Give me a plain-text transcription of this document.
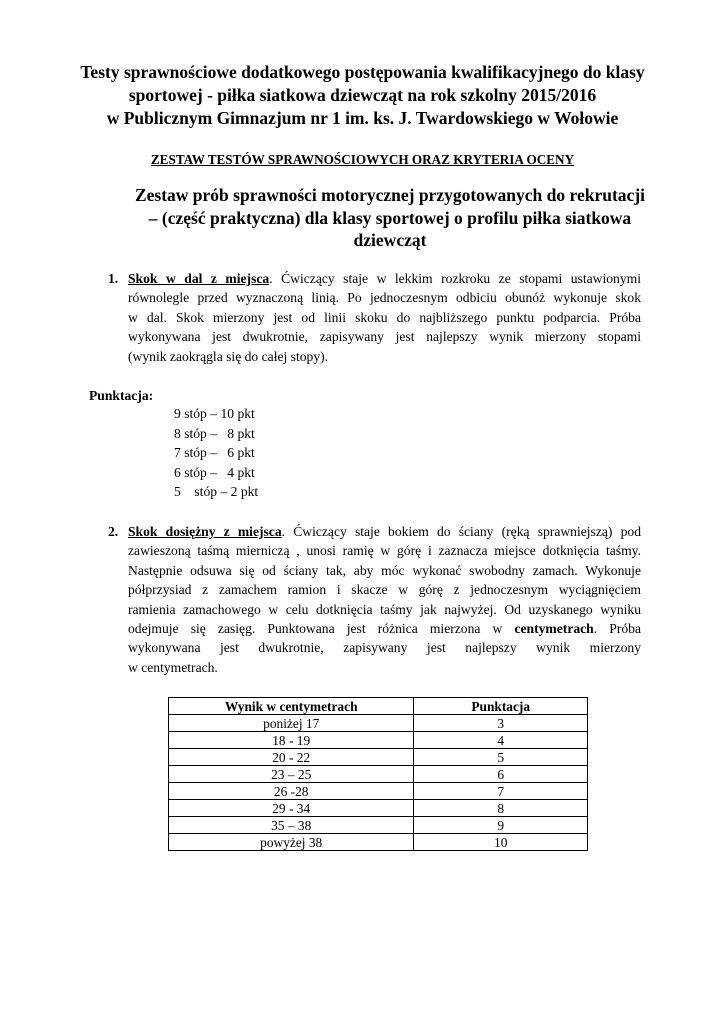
Testy sprawnościowe dodatkowego postępowania kwalifikacyjnego do klasy
sportowej - piłka siatkowa dziewcząt na rok szkolny 2015/2016
w Publicznym Gimnazjum nr 1 im. ks. J. Twardowskiego w Wołowie
ZESTAW TESTÓW SPRAWNOŚCIOWYCH ORAZ KRYTERIA OCENY
Zestaw prób sprawności motorycznej przygotowanych do rekrutacji
– (część praktyczna) dla klasy sportowej o profilu piłka siatkowa
dziewcząt
1. Skok w dal z miejsca. Ćwiczący staje w lekkim rozkroku ze stopami ustawionymi
równolegle przed wyznaczoną linią. Po jednoczesnym odbiciu obunóż wykonuje skok
w dal. Skok mierzony jest od linii skoku do najbliższego punktu podparcia. Próba
wykonywana jest dwukrotnie, zapisywany jest najlepszy wynik mierzony stopami
(wynik zaokrągla się do całej stopy).
Punktacja:
9 stóp – 10 pkt
8 stóp –   8 pkt
7 stóp –   6 pkt
6 stóp –   4 pkt
5    stóp – 2 pkt
2. Skok dosiężny z miejsca. Ćwiczący staje bokiem do ściany (ręką sprawniejszą) pod
zawieszoną taśmą mierniczą , unosi ramię w górę i zaznacza miejsce dotknięcia taśmy.
Następnie odsuwa się od ściany tak, aby móc wykonać swobodny zamach. Wykonuje
półprzysiad z zamachem ramion i skacze w górę z jednoczesnym wyciągnięciem
ramienia zamachowego w celu dotknięcia taśmy jak najwyżej. Od uzyskanego wyniku
odejmuje się zasięg. Punktowana jest różnica mierzona w centymetrach. Próba
wykonywana jest dwukrotnie, zapisywany jest najlepszy wynik mierzony
w centymetrach.
Wynik w centymetrach	Punktacja
poniżej 17	3
18 - 19	4
20 - 22	5
23 – 25	6
26 -28	7
29 - 34	8
35 – 38	9
powyżej 38	10
